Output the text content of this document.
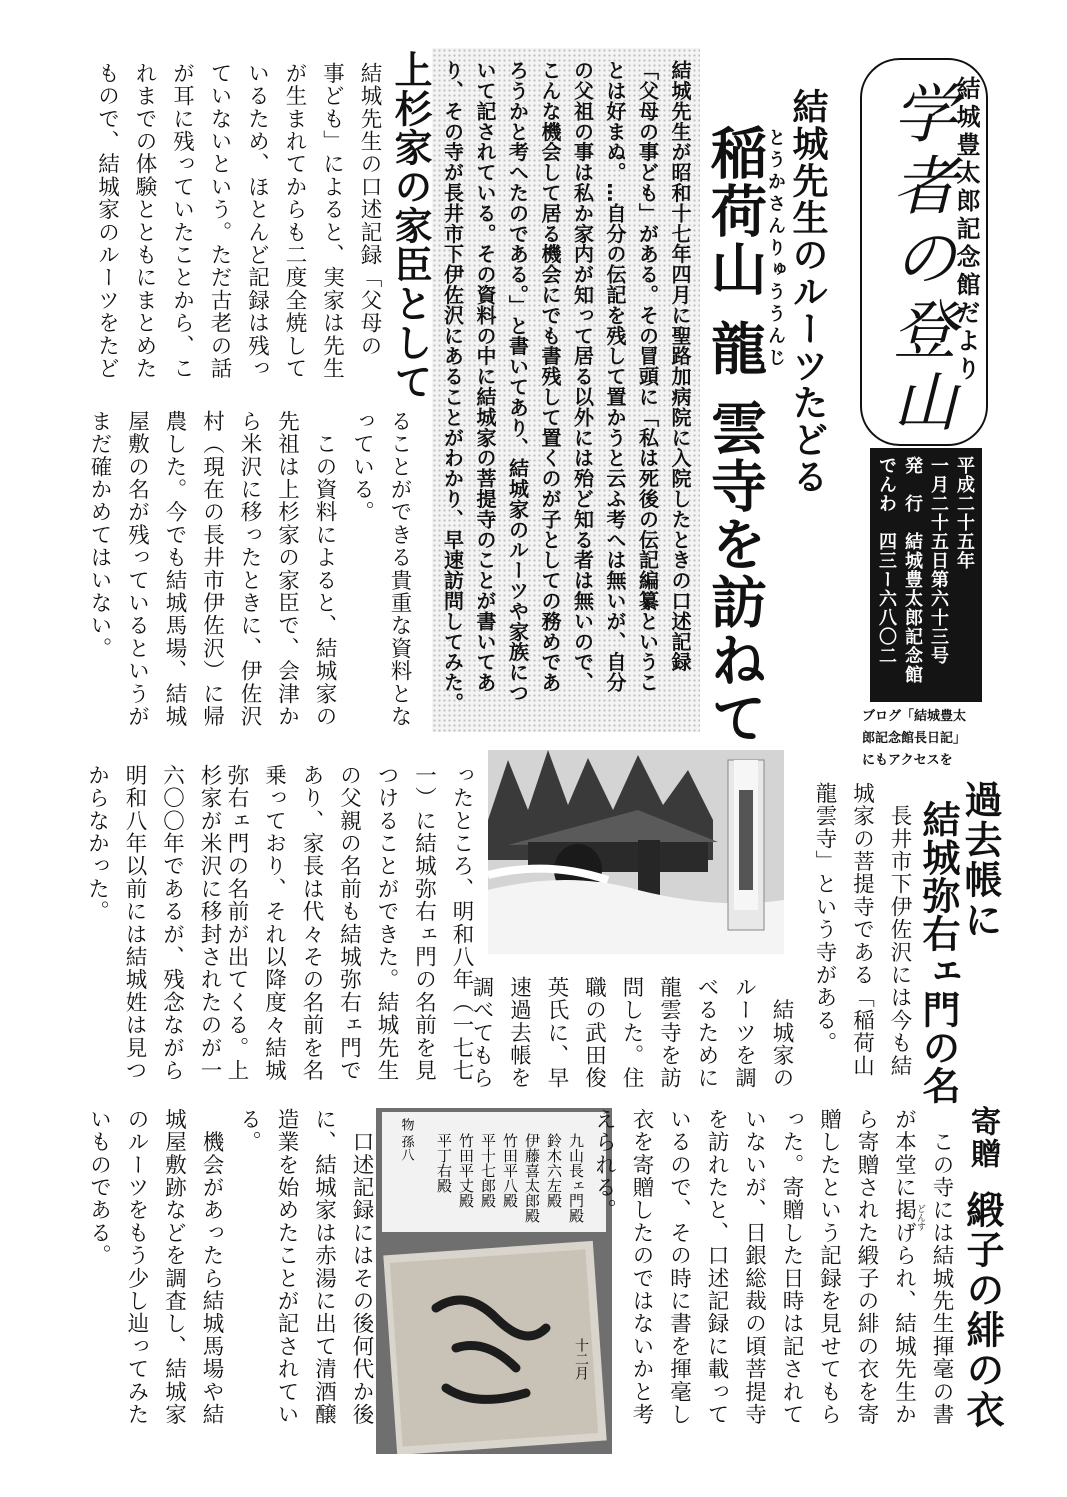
結城豊太郎記念館だより
学者の登山
平成二十五年
一月二十五日第六十三号
発　行　結城豊太郎記念館
でんわ　四三ー六八〇二
ブログ「結城豊太
郎記念館長日記」
にもアクセスを
結城先生のルーツたどる
とうかさんりゅううんじ
稲荷山 龍 雲寺を訪ねて
結城先生が昭和十七年四月に聖路加病院に入院したときの口述記録
「父母の事ども」がある。その冒頭に「私は死後の伝記編纂というこ
とは好まぬ。…自分の伝記を残して置かうと云ふ考へは無いが、自分
の父祖の事は私か家内が知って居る以外には殆ど知る者は無いので、
こんな機会して居る機会にでも書残して置くのが子としての務めであ
ろうかと考へたのである。」と書いてあり、結城家のルーツや家族につ
いて記されている。その資料の中に結城家の菩提寺のことが書いてあ
り、その寺が長井市下伊佐沢にあることがわかり、早速訪問してみた。
上杉家の家臣として
結城先生の口述記録「父母の
事ども」によると、実家は先生
が生まれてからも二度全焼して
いるため、ほとんど記録は残っ
ていないという。ただ古老の話
が耳に残っていたことから、こ
れまでの体験とともにまとめた
もので、結城家のルーツをたど
ることができる貴重な資料とな
っている。
　この資料によると、結城家の
先祖は上杉家の家臣で、会津か
ら米沢に移ったときに、伊佐沢
村（現在の長井市伊佐沢）に帰
農した。今でも結城馬場、結城
屋敷の名が残っているというが
まだ確かめてはいない。
過去帳に
結城弥右ェ門の名
　長井市下伊佐沢には今も結
城家の菩提寺である「稲荷山
龍雲寺」という寺がある。
　結城家の
ルーツを調
べるために
龍雲寺を訪
問した。住
職の武田俊
英氏に、早
速過去帳を
調べてもら
ったところ、明和八年（一七七
一）に結城弥右ェ門の名前を見
つけることができた。結城先生
の父親の名前も結城弥右ェ門で
あり、家長は代々その名前を名
乗っており、それ以降度々結城
弥右ェ門の名前が出てくる。上
杉家が米沢に移封されたのが一
六〇〇年であるが、残念ながら
明和八年以前には結城姓は見つ
からなかった。
九山長ェ門殿
鈴木六左殿
伊藤喜太郎殿
竹田平八殿
平十七郎殿
竹田平丈殿
平丁右殿
物 孫八
十二月
寄贈
緞子の緋の衣
どんす 　この寺には結城先生揮毫の書
が本堂に掲げられ、結城先生か
ら寄贈された緞子の緋の衣を寄
贈したという記録を見せてもら
った。寄贈した日時は記されて
いないが、日銀総裁の頃菩提寺
を訪れたと、口述記録に載って
いるので、その時に書を揮毫し
衣を寄贈したのではないかと考
えられる。
　口述記録にはその後何代か後
に、結城家は赤湯に出て清酒醸
造業を始めたことが記されてい
る。
　機会があったら結城馬場や結
城屋敷跡などを調査し、結城家
のルーツをもう少し辿ってみた
いものである。
